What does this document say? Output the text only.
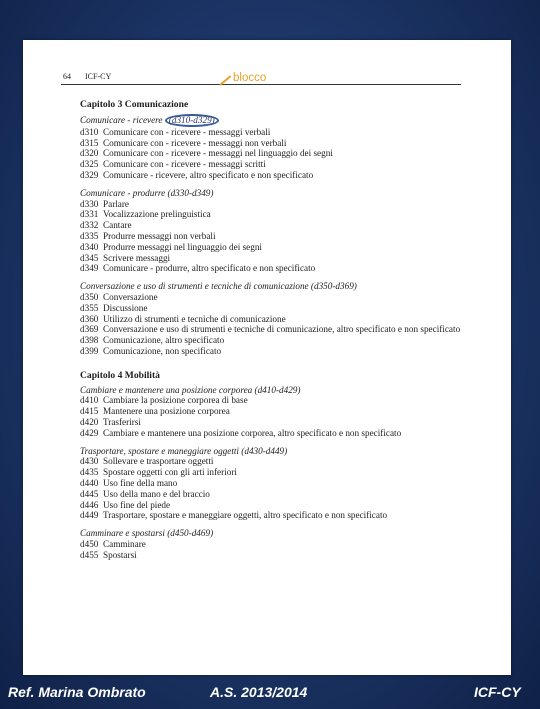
64 ICF-CY
Capitolo 3 Comunicazione
Comunicare - ricevere (d310-d329)
d310 Comunicare con - ricevere - messaggi verbali
d315 Comunicare con - ricevere - messaggi non verbali
d320 Comunicare con - ricevere - messaggi nel linguaggio dei segni
d325 Comunicare con - ricevere - messaggi scritti
d329 Comunicare - ricevere, altro specificato e non specificato
Comunicare - produrre (d330-d349)
d330 Parlare
d331 Vocalizzazione prelinguistica
d332 Cantare
d335 Produrre messaggi non verbali
d340 Produrre messaggi nel linguaggio dei segni
d345 Scrivere messaggi
d349 Comunicare - produrre, altro specificato e non specificato
Conversazione e uso di strumenti e tecniche di comunicazione (d350-d369)
d350 Conversazione
d355 Discussione
d360 Utilizzo di strumenti e tecniche di comunicazione
d369 Conversazione e uso di strumenti e tecniche di comunicazione, altro specificato e non specificato
d398 Comunicazione, altro specificato
d399 Comunicazione, non specificato
Capitolo 4 Mobilità
Cambiare e mantenere una posizione corporea (d410-d429)
d410 Cambiare la posizione corporea di base
d415 Mantenere una posizione corporea
d420 Trasferirsi
d429 Cambiare e mantenere una posizione corporea, altro specificato e non specificato
Trasportare, spostare e maneggiare oggetti (d430-d449)
d430 Sollevare e trasportare oggetti
d435 Spostare oggetti con gli arti inferiori
d440 Uso fine della mano
d445 Uso della mano e del braccio
d446 Uso fine del piede
d449 Trasportare, spostare e maneggiare oggetti, altro specificato e non specificato
Camminare e spostarsi (d450-d469)
d450 Camminare
d455 Spostarsi
blocco
Ref. Marina Ombrato	A.S. 2013/2014	ICF-CY
